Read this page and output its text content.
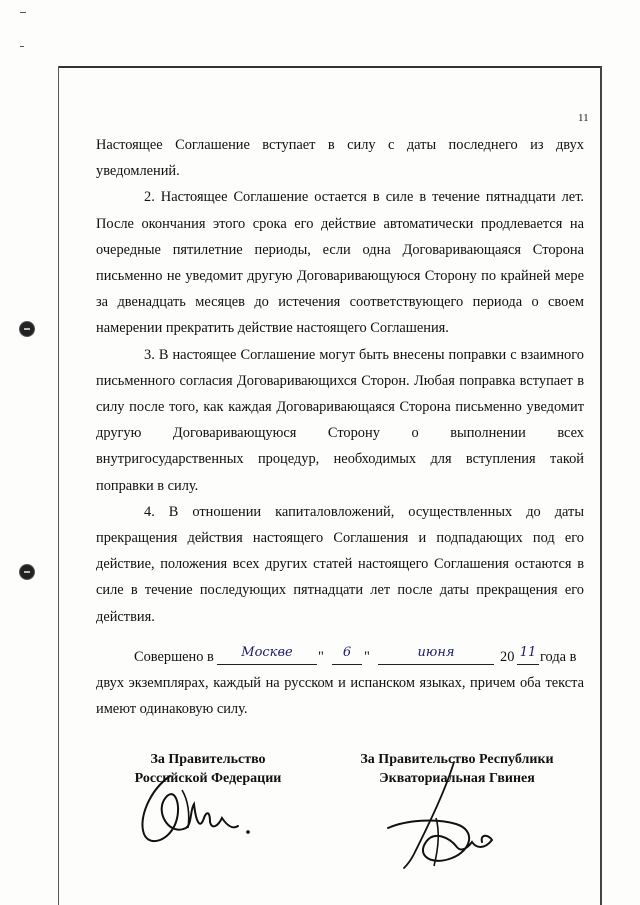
11

Настоящее Соглашение вступает в силу с даты последнего из двух уведомлений.

2. Настоящее Соглашение остается в силе в течение пятнадцати лет. После окончания этого срока его действие автоматически продлевается на очередные пятилетние периоды, если одна Договаривающаяся Сторона письменно не уведомит другую Договаривающуюся Сторону по крайней мере за двенадцать месяцев до истечения соответствующего периода о своем намерении прекратить действие настоящего Соглашения.

3. В настоящее Соглашение могут быть внесены поправки с взаимного письменного согласия Договаривающихся Сторон. Любая поправка вступает в силу после того, как каждая Договаривающаяся Сторона письменно уведомит другую Договаривающуюся Сторону о выполнении всех внутригосударственных процедур, необходимых для вступления такой поправки в силу.

4. В отношении капиталовложений, осуществленных до даты прекращения действия настоящего Соглашения и подпадающих под его действие, положения всех других статей настоящего Соглашения остаются в силе в течение последующих пятнадцати лет после даты прекращения его действия.

Совершено в	Москве	"	6 "	июня	20 11 года в
двух экземплярах, каждый на русском и испанском языках, причем оба текста имеют одинаковую силу.
За Правительство
Российской Федерации
За Правительство Республики
Экваториальная Гвинея
